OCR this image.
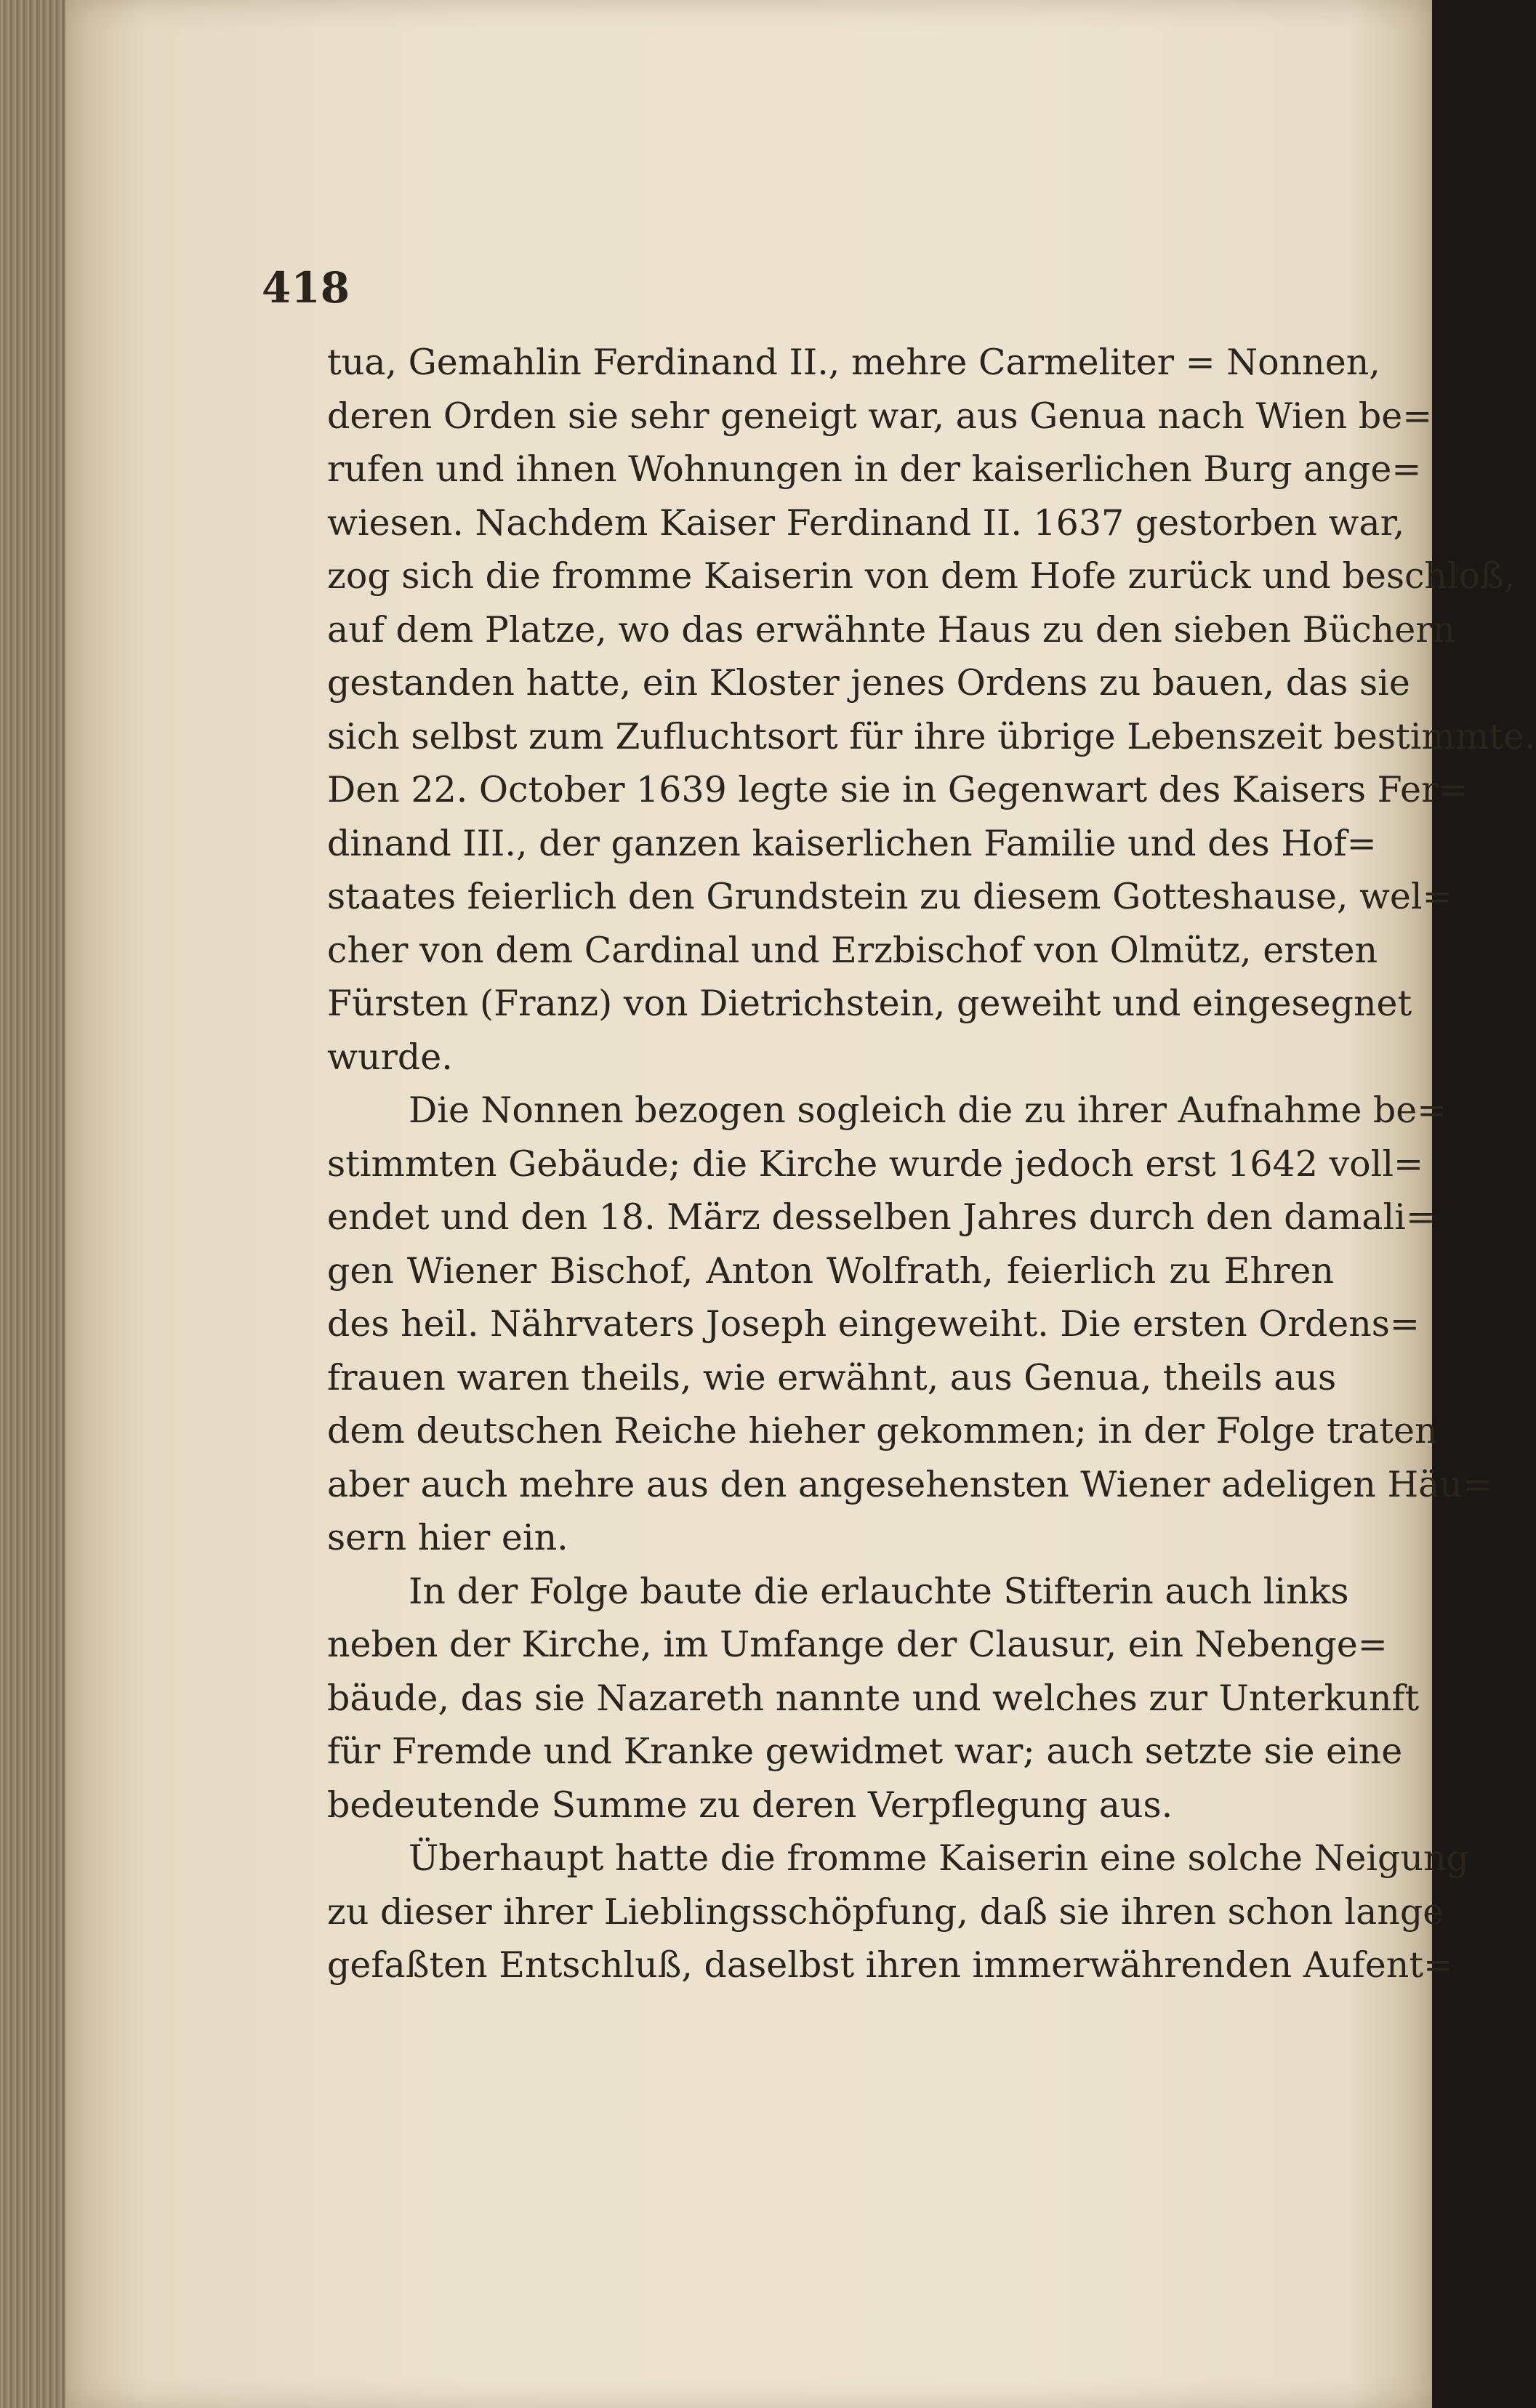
418
tua, Gemahlin Ferdinand II., mehre Carmeliter = Nonnen,
deren Orden sie sehr geneigt war, aus Genua nach Wien be=
rufen und ihnen Wohnungen in der kaiserlichen Burg ange=
wiesen. Nachdem Kaiser Ferdinand II. 1637 gestorben war,
zog sich die fromme Kaiserin von dem Hofe zurück und beschloß,
auf dem Platze, wo das erwähnte Haus zu den sieben Büchern
gestanden hatte, ein Kloster jenes Ordens zu bauen, das sie
sich selbst zum Zufluchtsort für ihre übrige Lebenszeit bestimmte.
Den 22. October 1639 legte sie in Gegenwart des Kaisers Fer=
dinand III., der ganzen kaiserlichen Familie und des Hof=
staates feierlich den Grundstein zu diesem Gotteshause, wel=
cher von dem Cardinal und Erzbischof von Olmütz, ersten
Fürsten (Franz) von Dietrichstein, geweiht und eingesegnet
wurde.
Die Nonnen bezogen sogleich die zu ihrer Aufnahme be=
stimmten Gebäude; die Kirche wurde jedoch erst 1642 voll=
endet und den 18. März desselben Jahres durch den damali=
gen Wiener Bischof, Anton Wolfrath, feierlich zu Ehren
des heil. Nährvaters Joseph eingeweiht. Die ersten Ordens=
frauen waren theils, wie erwähnt, aus Genua, theils aus
dem deutschen Reiche hieher gekommen; in der Folge traten
aber auch mehre aus den angesehensten Wiener adeligen Häu=
sern hier ein.
In der Folge baute die erlauchte Stifterin auch links
neben der Kirche, im Umfange der Clausur, ein Nebenge=
bäude, das sie Nazareth nannte und welches zur Unterkunft
für Fremde und Kranke gewidmet war; auch setzte sie eine
bedeutende Summe zu deren Verpflegung aus.
Überhaupt hatte die fromme Kaiserin eine solche Neigung
zu dieser ihrer Lieblingsschöpfung, daß sie ihren schon lange
gefaßten Entschluß, daselbst ihren immerwährenden Aufent=
